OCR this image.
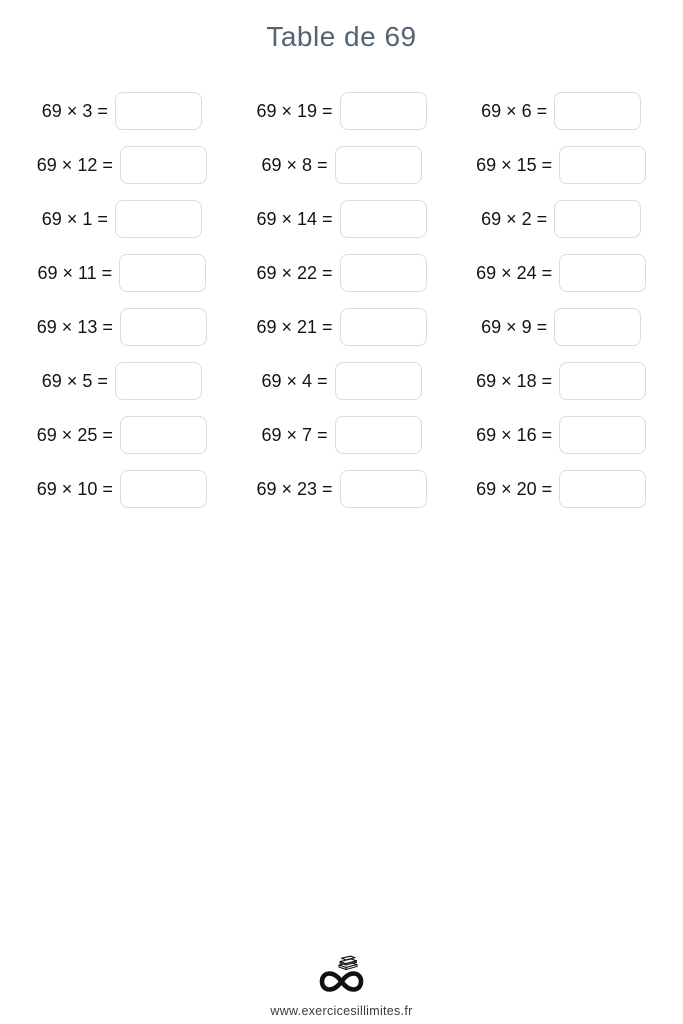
Table de 69
69 × 3 =	69 × 19 =	69 × 6 =
69 × 12 =	69 × 8 =	69 × 15 =
69 × 1 =	69 × 14 =	69 × 2 =
69 × 11 =	69 × 22 =	69 × 24 =
69 × 13 =	69 × 21 =	69 × 9 =
69 × 5 =	69 × 4 =	69 × 18 =
69 × 25 =	69 × 7 =	69 × 16 =
69 × 10 =	69 × 23 =	69 × 20 =
www.exercicesillimites.fr
